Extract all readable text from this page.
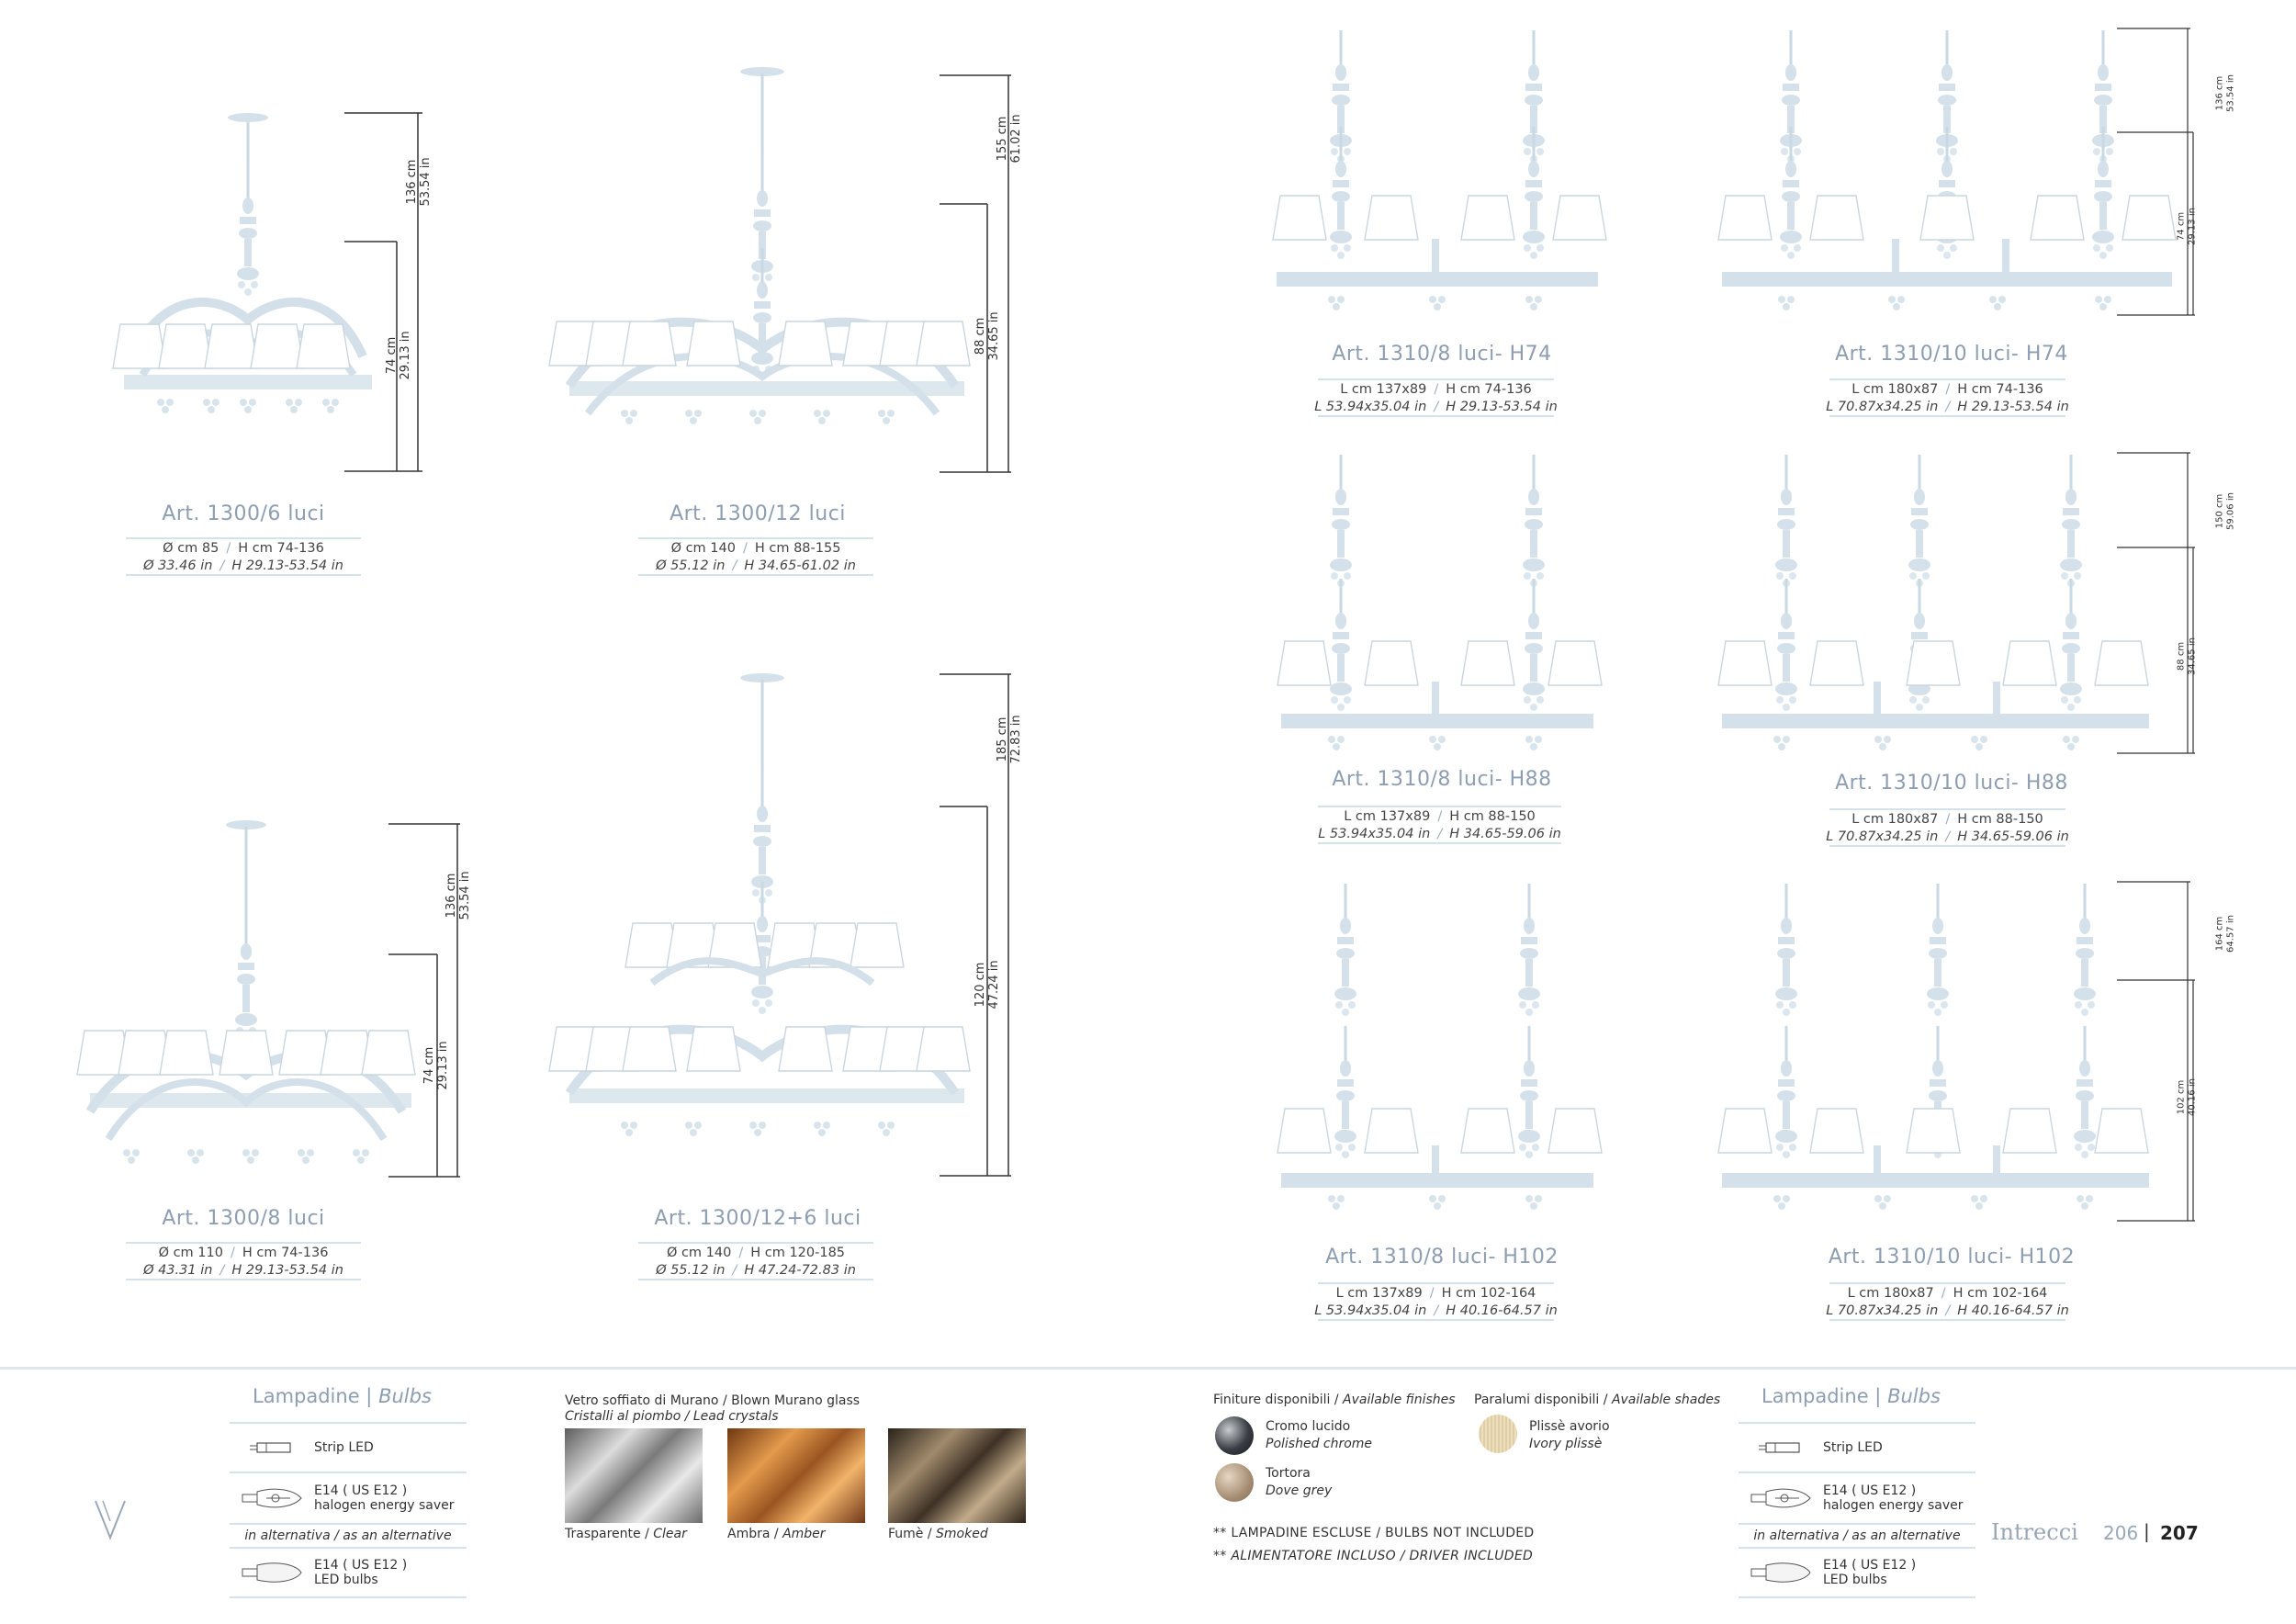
136 cm
53.54 in
74 cm
29.13 in
Art. 1300/6 luci
Ø cm 85 / H cm 74-136
Ø 33.46 in / H 29.13-53.54 in
155 cm
61.02 in
88 cm
34.65 in
Art. 1300/12 luci
Ø cm 140 / H cm 88-155
Ø 55.12 in / H 34.65-61.02 in
136 cm
53.54 in
74 cm
29.13 in
Art. 1300/8 luci
Ø cm 110 / H cm 74-136
Ø 43.31 in / H 29.13-53.54 in
185 cm
72.83 in
120 cm
47.24 in
Art. 1300/12+6 luci
Ø cm 140 / H cm 120-185
Ø 55.12 in / H 47.24-72.83 in
Art. 1310/8 luci- H74
L cm 137x89 / H cm 74-136
L 53.94x35.04 in / H 29.13-53.54 in
136 cm
53.54 in
74 cm
29.13 in
Art. 1310/10 luci- H74
L cm 180x87 / H cm 74-136
L 70.87x34.25 in / H 29.13-53.54 in
Art. 1310/8 luci- H88
L cm 137x89 / H cm 88-150
L 53.94x35.04 in / H 34.65-59.06 in
150 cm
59.06 in
88 cm
34.65 in
Art. 1310/10 luci- H88
L cm 180x87 / H cm 88-150
L 70.87x34.25 in / H 34.65-59.06 in
Art. 1310/8 luci- H102
L cm 137x89 / H cm 102-164
L 53.94x35.04 in / H 40.16-64.57 in
164 cm
64.57 in
102 cm
40.16 in
Art. 1310/10 luci- H102
L cm 180x87 / H cm 102-164
L 70.87x34.25 in / H 40.16-64.57 in
Lampadine | Bulbs
Strip LED
E14 ( US E12 )
halogen energy saver
in alternativa / as an alternative
E14 ( US E12 )
LED bulbs
Vetro soffiato di Murano / Blown Murano glass
Cristalli al piombo / Lead crystals
Trasparente / Clear	Ambra / Amber	Fumè / Smoked
Finiture disponibili / Available finishes
Cromo lucido
Polished chrome
Tortora
Dove grey
Paralumi disponibili / Available shades
Plissè avorio
Ivory plissè
** LAMPADINE ESCLUSE / BULBS NOT INCLUDED
** ALIMENTATORE INCLUSO / DRIVER INCLUDED
Lampadine | Bulbs
Strip LED
E14 ( US E12 )
halogen energy saver
in alternativa / as an alternative
E14 ( US E12 )
LED bulbs
Intrecci 206 | 207
